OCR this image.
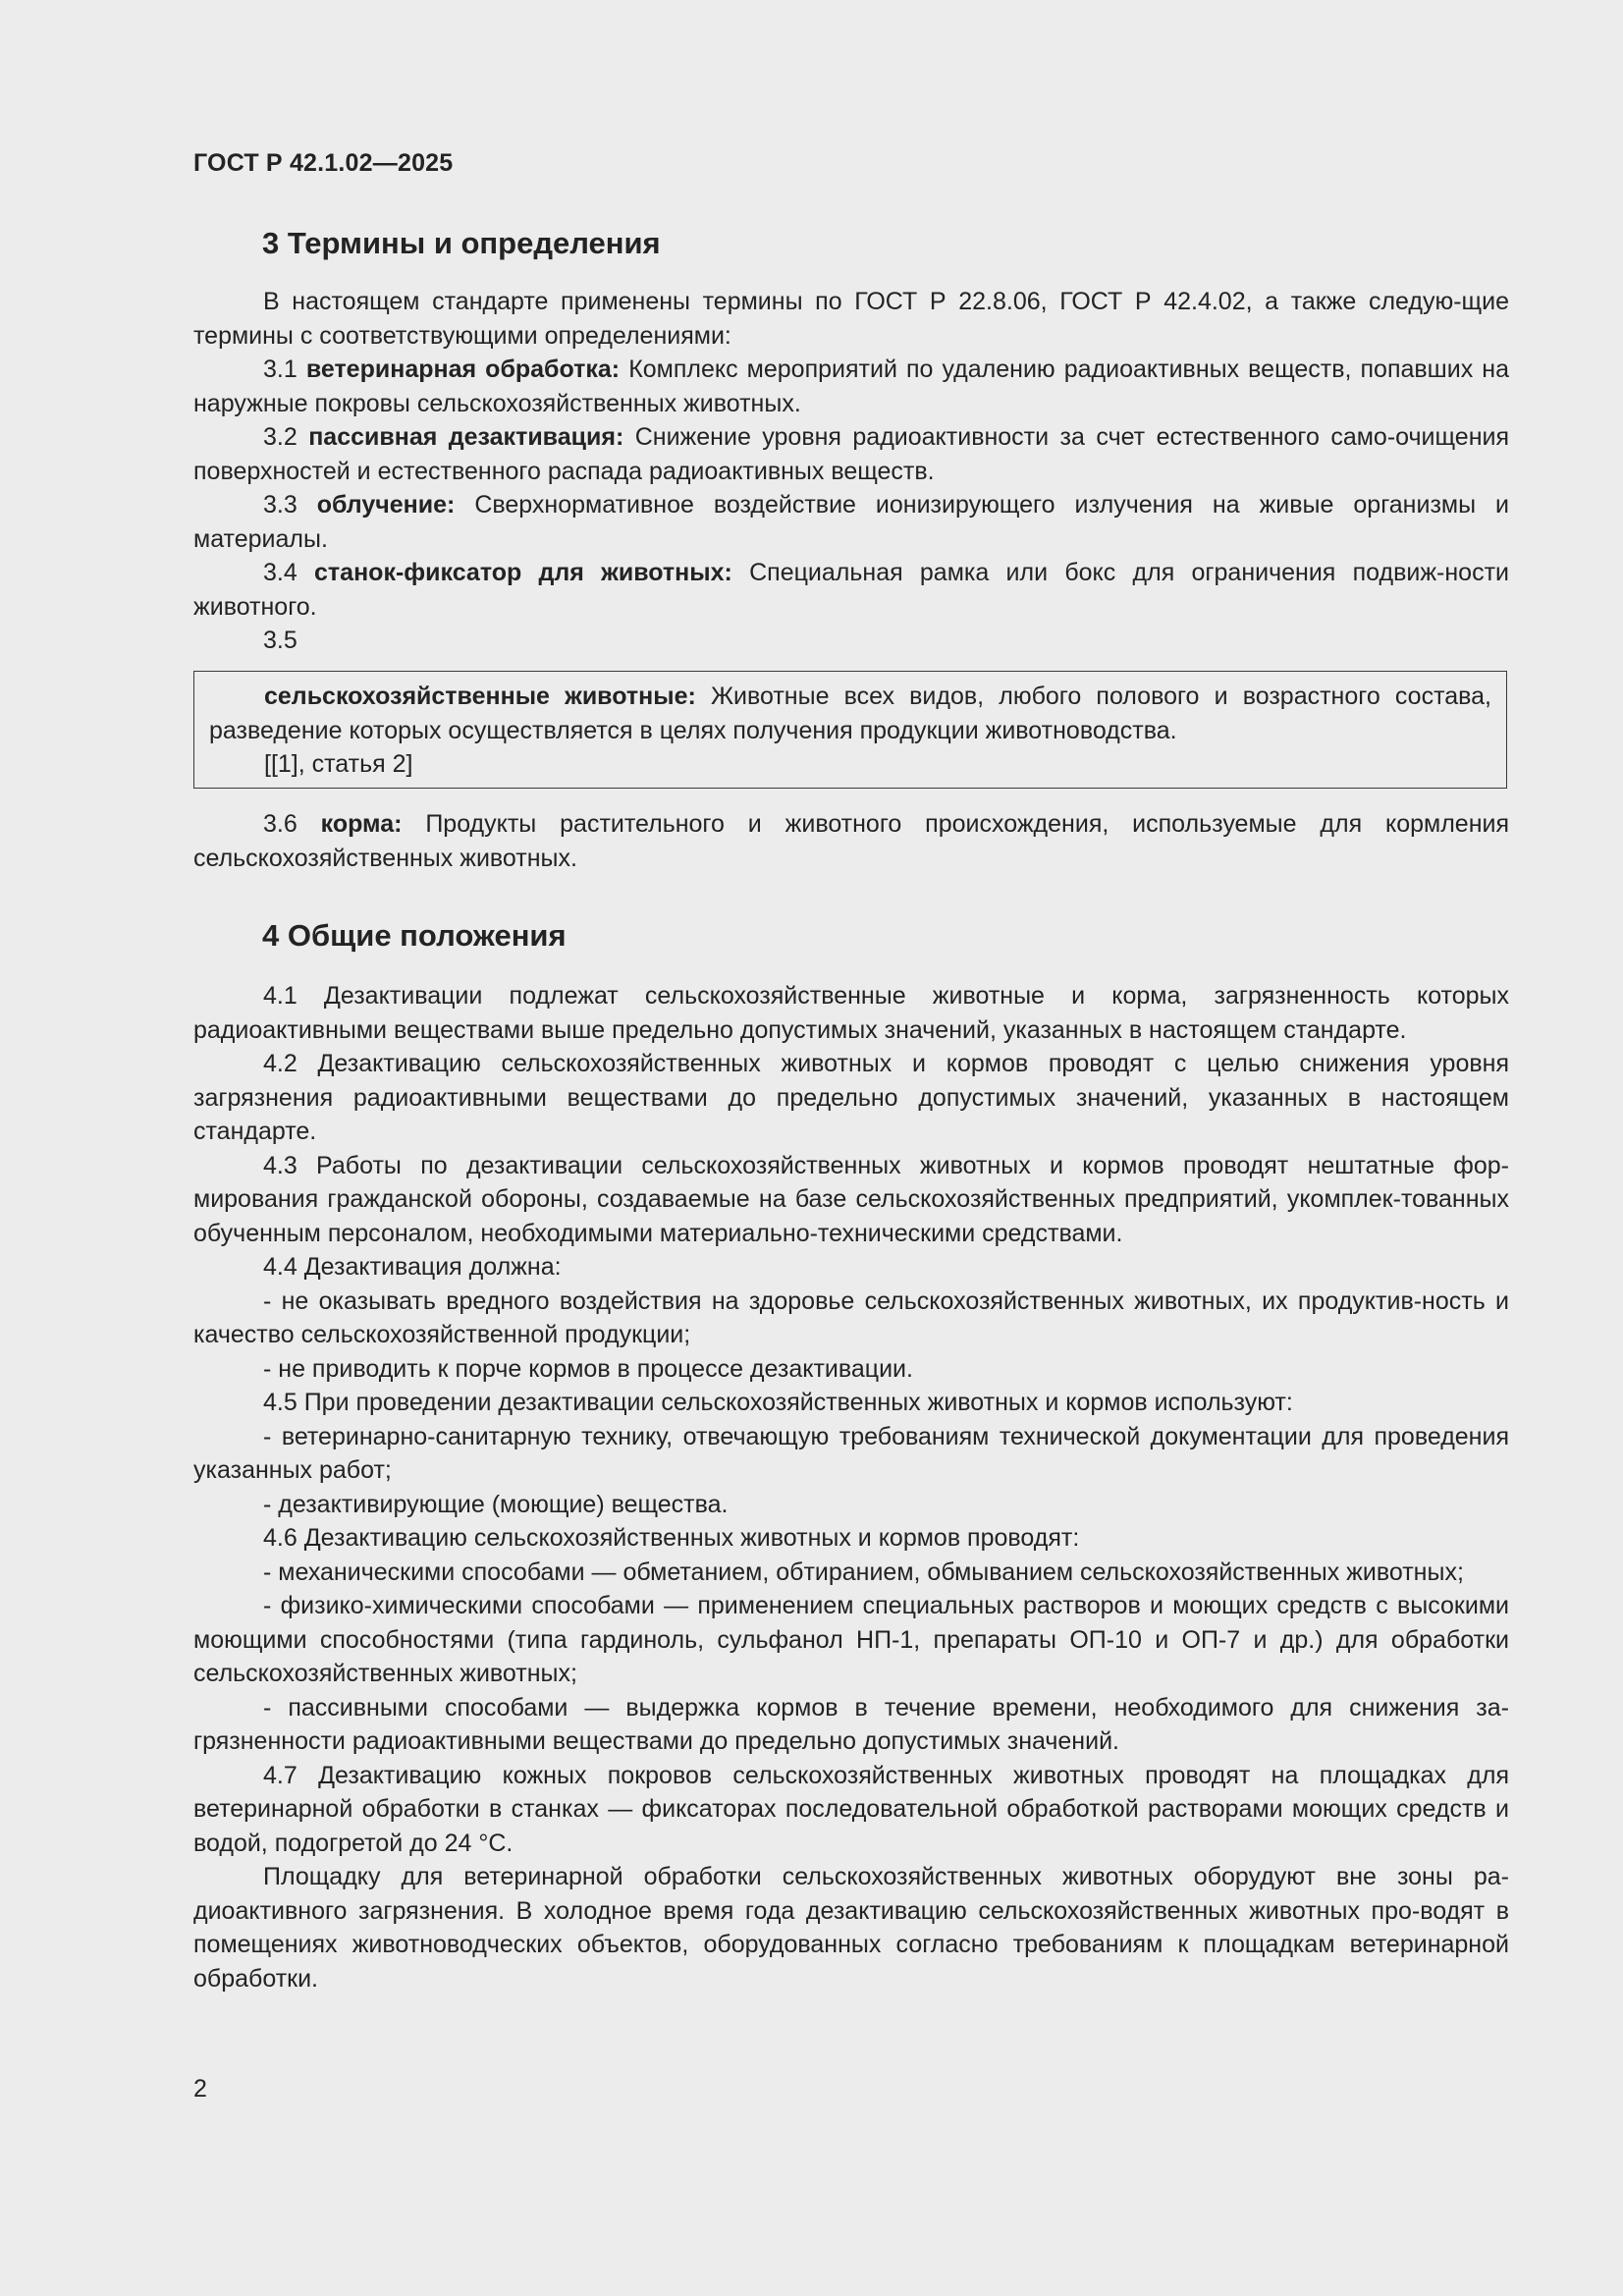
ГОСТ Р 42.1.02—2025
3 Термины и определения

В настоящем стандарте применены термины по ГОСТ Р 22.8.06, ГОСТ Р 42.4.02, а также следую-щие термины с соответствующими определениями:

3.1 ветеринарная обработка: Комплекс мероприятий по удалению радиоактивных веществ, попавших на наружные покровы сельскохозяйственных животных.

3.2 пассивная дезактивация: Снижение уровня радиоактивности за счет естественного само-очищения поверхностей и естественного распада радиоактивных веществ.

3.3 облучение: Сверхнормативное воздействие ионизирующего излучения на живые организмы и материалы.

3.4 станок-фиксатор для животных: Специальная рамка или бокс для ограничения подвиж-ности животного.

3.5

сельскохозяйственные животные: Животные всех видов, любого полового и возрастного состава, разведение которых осуществляется в целях получения продукции животноводства.

[[1], статья 2]

3.6 корма: Продукты растительного и животного происхождения, используемые для кормления сельскохозяйственных животных.

4 Общие положения

4.1 Дезактивации подлежат сельскохозяйственные животные и корма, загрязненность которых радиоактивными веществами выше предельно допустимых значений, указанных в настоящем стандарте.

4.2 Дезактивацию сельскохозяйственных животных и кормов проводят с целью снижения уровня загрязнения радиоактивными веществами до предельно допустимых значений, указанных в настоящем стандарте.

4.3 Работы по дезактивации сельскохозяйственных животных и кормов проводят нештатные фор-мирования гражданской обороны, создаваемые на базе сельскохозяйственных предприятий, укомплек-тованных обученным персоналом, необходимыми материально-техническими средствами.

4.4 Дезактивация должна:

- не оказывать вредного воздействия на здоровье сельскохозяйственных животных, их продуктив-ность и качество сельскохозяйственной продукции;

- не приводить к порче кормов в процессе дезактивации.

4.5 При проведении дезактивации сельскохозяйственных животных и кормов используют:

- ветеринарно-санитарную технику, отвечающую требованиям технической документации для проведения указанных работ;

- дезактивирующие (моющие) вещества.

4.6 Дезактивацию сельскохозяйственных животных и кормов проводят:

- механическими способами — обметанием, обтиранием, обмыванием сельскохозяйственных животных;

- физико-химическими способами — применением специальных растворов и моющих средств с высокими моющими способностями (типа гардиноль, сульфанол НП-1, препараты ОП-10 и ОП-7 и др.) для обработки сельскохозяйственных животных;

- пассивными способами — выдержка кормов в течение времени, необходимого для снижения за-грязненности радиоактивными веществами до предельно допустимых значений.

4.7 Дезактивацию кожных покровов сельскохозяйственных животных проводят на площадках для ветеринарной обработки в станках — фиксаторах последовательной обработкой растворами моющих средств и водой, подогретой до 24 °С.

Площадку для ветеринарной обработки сельскохозяйственных животных оборудуют вне зоны ра-диоактивного загрязнения. В холодное время года дезактивацию сельскохозяйственных животных про-водят в помещениях животноводческих объектов, оборудованных согласно требованиям к площадкам ветеринарной обработки.

2
